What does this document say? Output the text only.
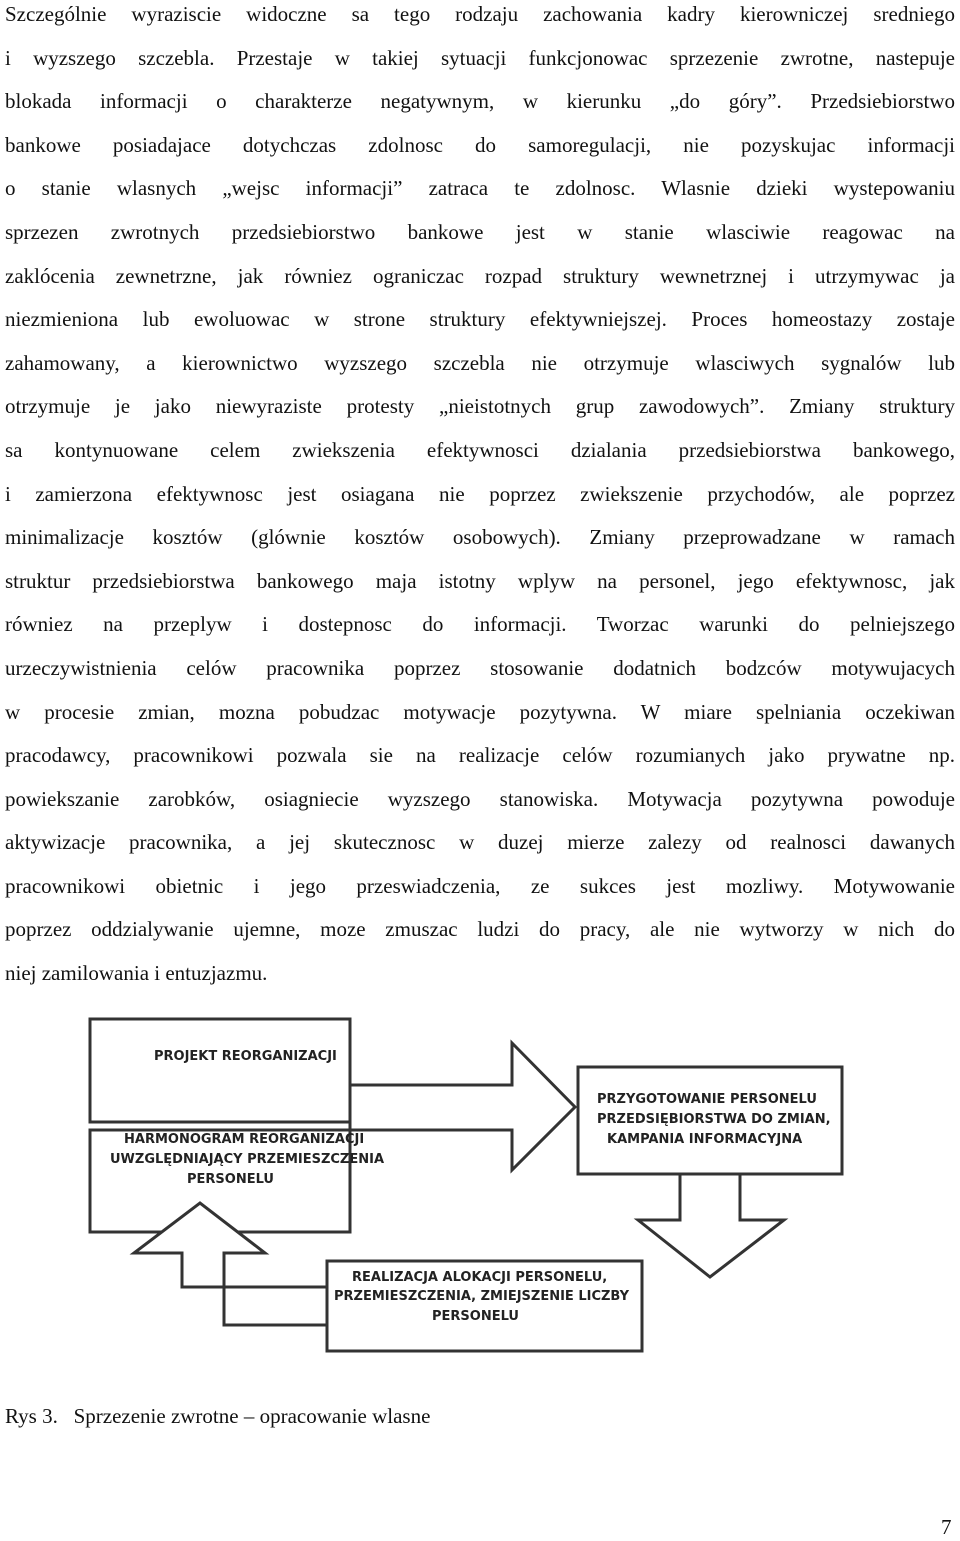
Szczególnie wyraziscie widoczne sa tego rodzaju zachowania kadry kierowniczej sredniego
i wyzszego szczebla. Przestaje w takiej sytuacji funkcjonowac sprzezenie zwrotne, nastepuje
blokada informacji o charakterze negatywnym, w kierunku „do góry”. Przedsiebiorstwo
bankowe posiadajace dotychczas zdolnosc do samoregulacji, nie pozyskujac informacji
o stanie wlasnych „wejsc informacji” zatraca te zdolnosc. Wlasnie dzieki wystepowaniu
sprzezen zwrotnych przedsiebiorstwo bankowe jest w stanie wlasciwie reagowac na
zaklócenia zewnetrzne, jak równiez ograniczac rozpad struktury wewnetrznej i utrzymywac ja
niezmieniona lub ewoluowac w strone struktury efektywniejszej. Proces homeostazy zostaje
zahamowany, a kierownictwo wyzszego szczebla nie otrzymuje wlasciwych sygnalów lub
otrzymuje je jako niewyraziste protesty „nieistotnych grup zawodowych”. Zmiany struktury
sa kontynuowane celem zwiekszenia efektywnosci dzialania przedsiebiorstwa bankowego,
i zamierzona efektywnosc jest osiagana nie poprzez zwiekszenie przychodów, ale poprzez
minimalizacje kosztów (glównie kosztów osobowych). Zmiany przeprowadzane w ramach
struktur przedsiebiorstwa bankowego maja istotny wplyw na personel, jego efektywnosc, jak
równiez na przeplyw i dostepnosc do informacji. Tworzac warunki do pelniejszego
urzeczywistnienia celów pracownika poprzez stosowanie dodatnich bodzców motywujacych
w procesie zmian, mozna pobudzac motywacje pozytywna. W miare spelniania oczekiwan
pracodawcy, pracownikowi pozwala sie na realizacje celów rozumianych jako prywatne np.
powiekszanie zarobków, osiagniecie wyzszego stanowiska. Motywacja pozytywna powoduje
aktywizacje pracownika, a jej skutecznosc w duzej mierze zalezy od realnosci dawanych
pracownikowi obietnic i jego przeswiadczenia, ze sukces jest mozliwy. Motywowanie
poprzez oddzialywanie ujemne, moze zmuszac ludzi do pracy, ale nie wytworzy w nich do
niej zamilowania i entuzjazmu.
PROJEKT REORGANIZACJI
HARMONOGRAM REORGANIZACJI
UWZGLĘDNIAJĄCY PRZEMIESZCZENIA
PERSONELU
PRZYGOTOWANIE PERSONELU
PRZEDSIĘBIORSTWA DO ZMIAN,
KAMPANIA INFORMACYJNA
REALIZACJA ALOKACJI PERSONELU,
PRZEMIESZCZENIA, ZMIEJSZENIE LICZBY
PERSONELU
Rys 3.   Sprzezenie zwrotne – opracowanie wlasne
7
